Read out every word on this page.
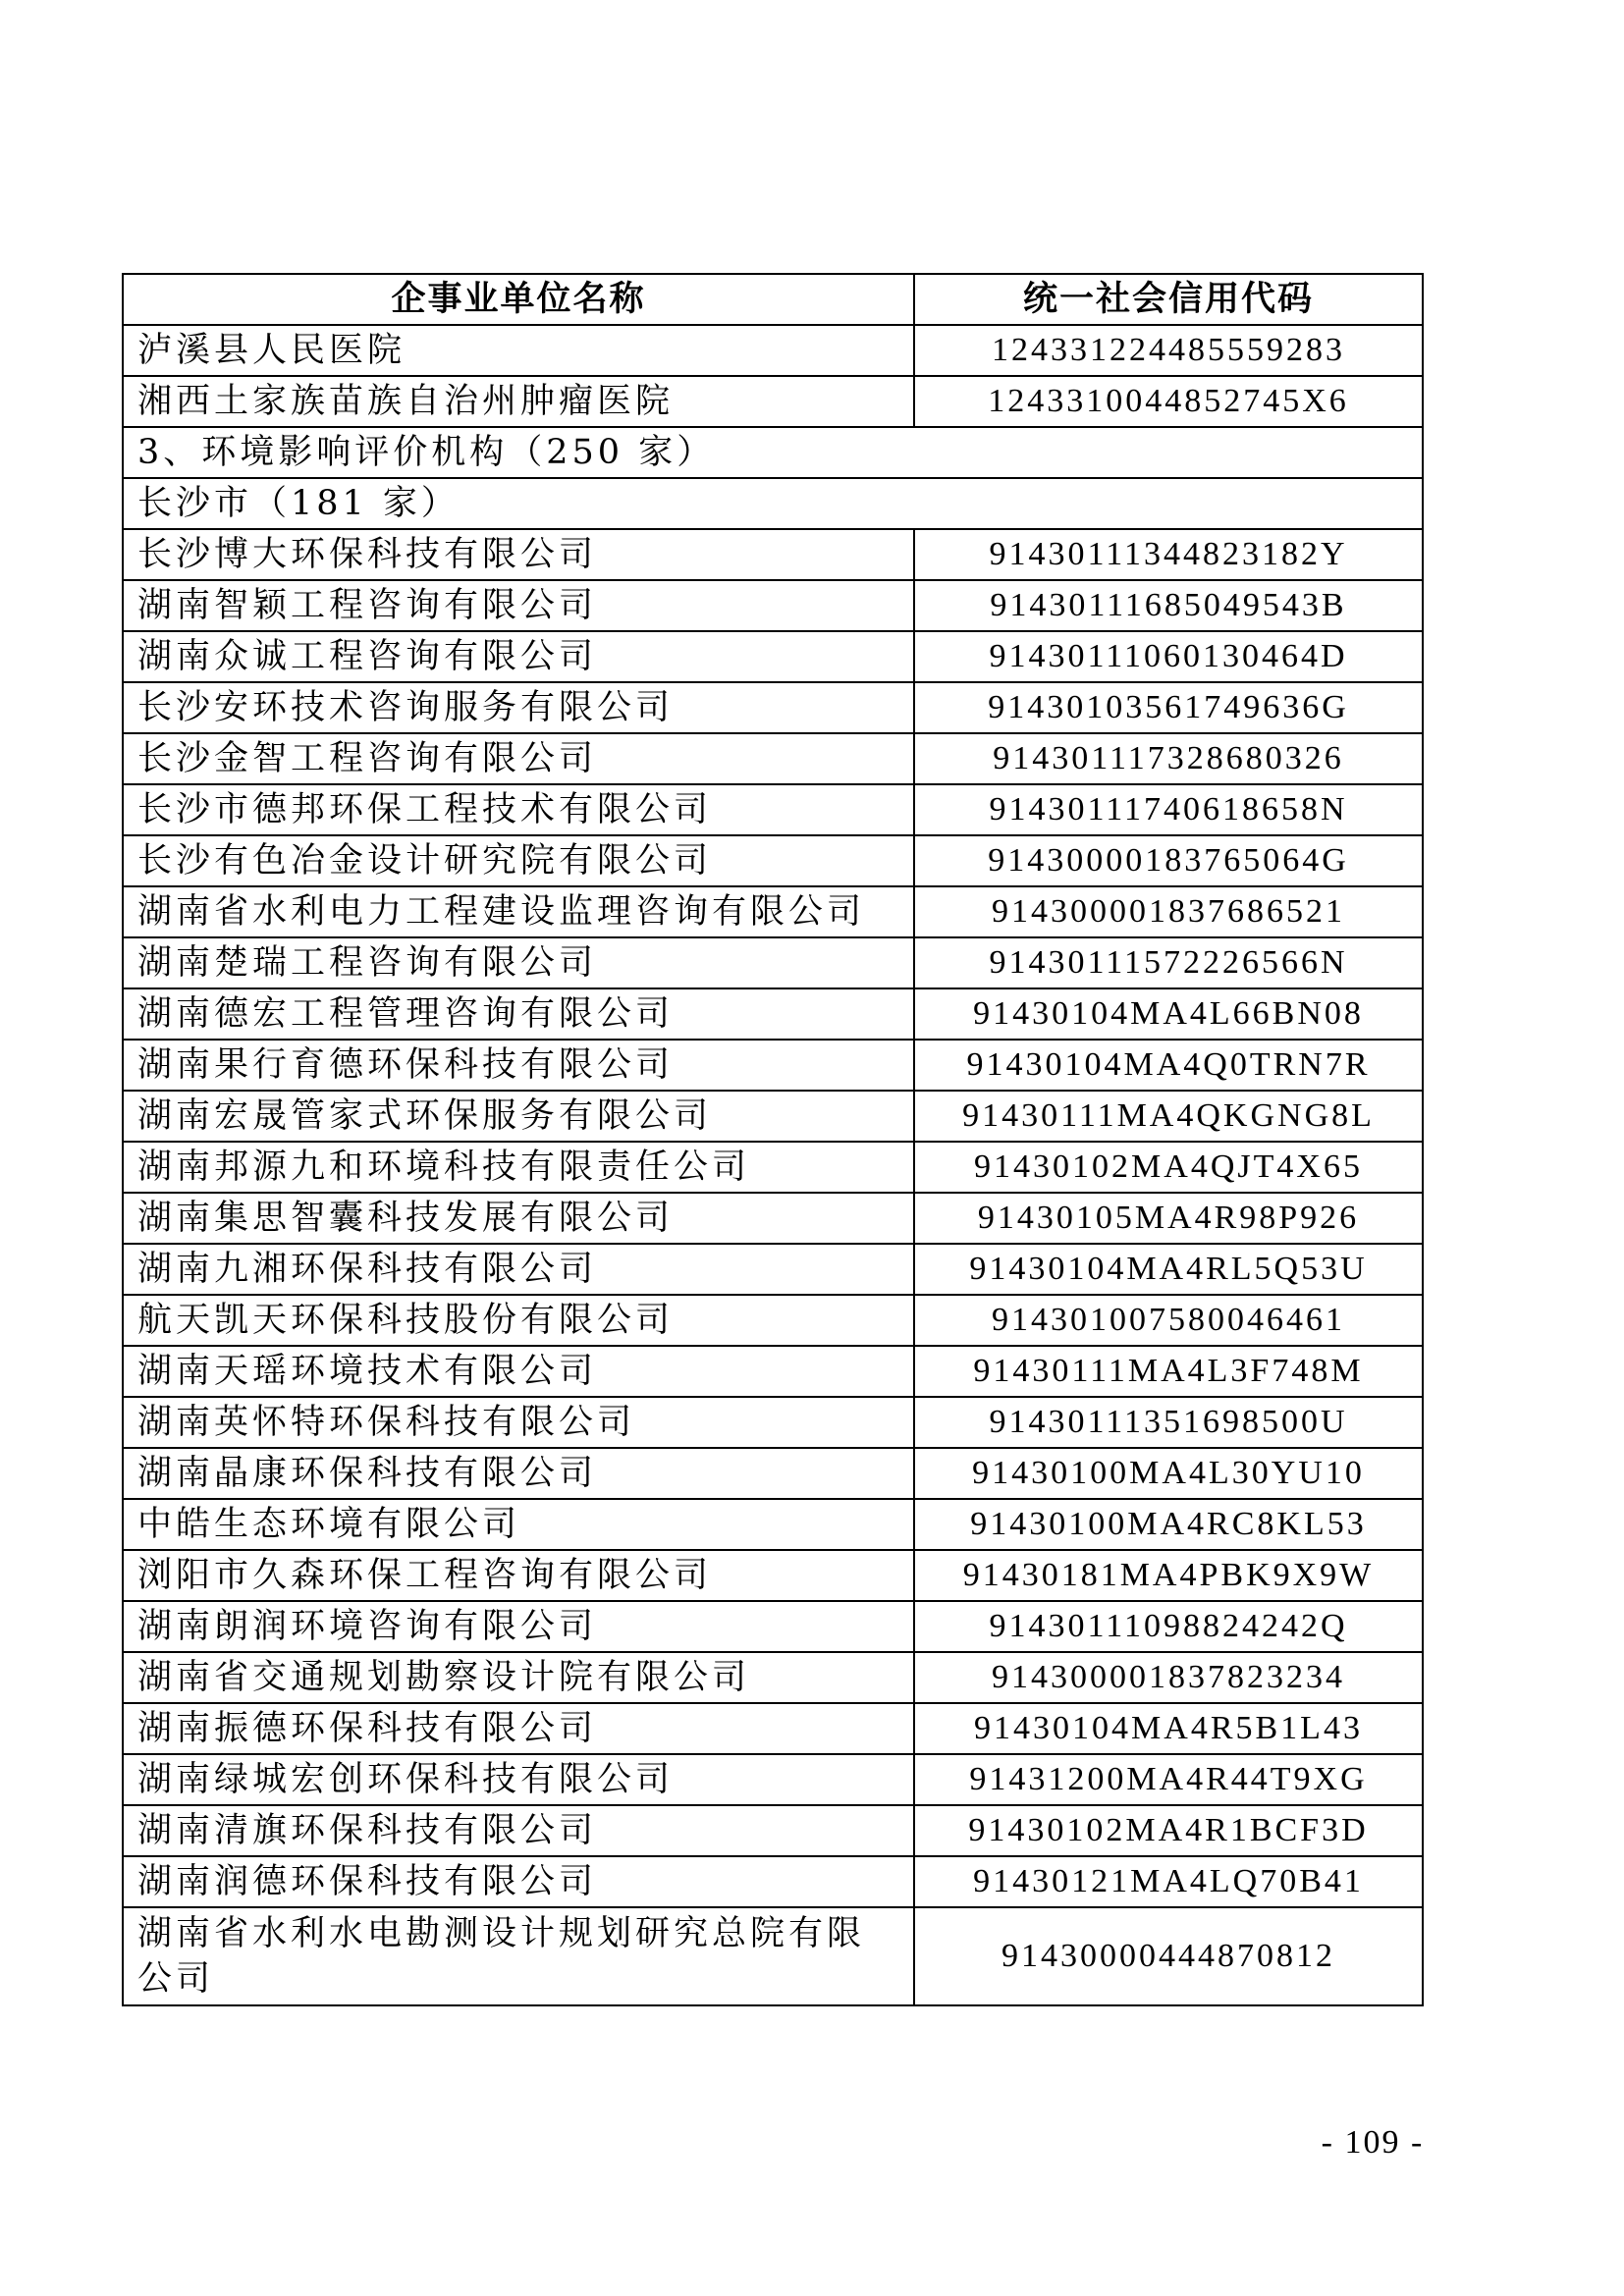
企事业单位名称	统一社会信用代码
泸溪县人民医院	124331224485559283
湘西土家族苗族自治州肿瘤医院	1243310044852745X6
3、环境影响评价机构（250 家）	
长沙市（181 家）	
长沙博大环保科技有限公司	91430111344823182Y
湖南智颖工程咨询有限公司	91430111685049543B
湖南众诚工程咨询有限公司	91430111060130464D
长沙安环技术咨询服务有限公司	91430103561749636G
长沙金智工程咨询有限公司	914301117328680326
长沙市德邦环保工程技术有限公司	91430111740618658N
长沙有色冶金设计研究院有限公司	91430000183765064G
湖南省水利电力工程建设监理咨询有限公司	914300001837686521
湖南楚瑞工程咨询有限公司	91430111572226566N
湖南德宏工程管理咨询有限公司	91430104MA4L66BN08
湖南果行育德环保科技有限公司	91430104MA4Q0TRN7R
湖南宏晟管家式环保服务有限公司	91430111MA4QKGNG8L
湖南邦源九和环境科技有限责任公司	91430102MA4QJT4X65
湖南集思智囊科技发展有限公司	91430105MA4R98P926
湖南九湘环保科技有限公司	91430104MA4RL5Q53U
航天凯天环保科技股份有限公司	914301007580046461
湖南天瑶环境技术有限公司	91430111MA4L3F748M
湖南英怀特环保科技有限公司	91430111351698500U
湖南晶康环保科技有限公司	91430100MA4L30YU10
中皓生态环境有限公司	91430100MA4RC8KL53
浏阳市久森环保工程咨询有限公司	91430181MA4PBK9X9W
湖南朗润环境咨询有限公司	91430111098824242Q
湖南省交通规划勘察设计院有限公司	914300001837823234
湖南振德环保科技有限公司	91430104MA4R5B1L43
湖南绿城宏创环保科技有限公司	91431200MA4R44T9XG
湖南清旗环保科技有限公司	91430102MA4R1BCF3D
湖南润德环保科技有限公司	91430121MA4LQ70B41
湖南省水利水电勘测设计规划研究总院有限公司	91430000444870812
- 109 -
